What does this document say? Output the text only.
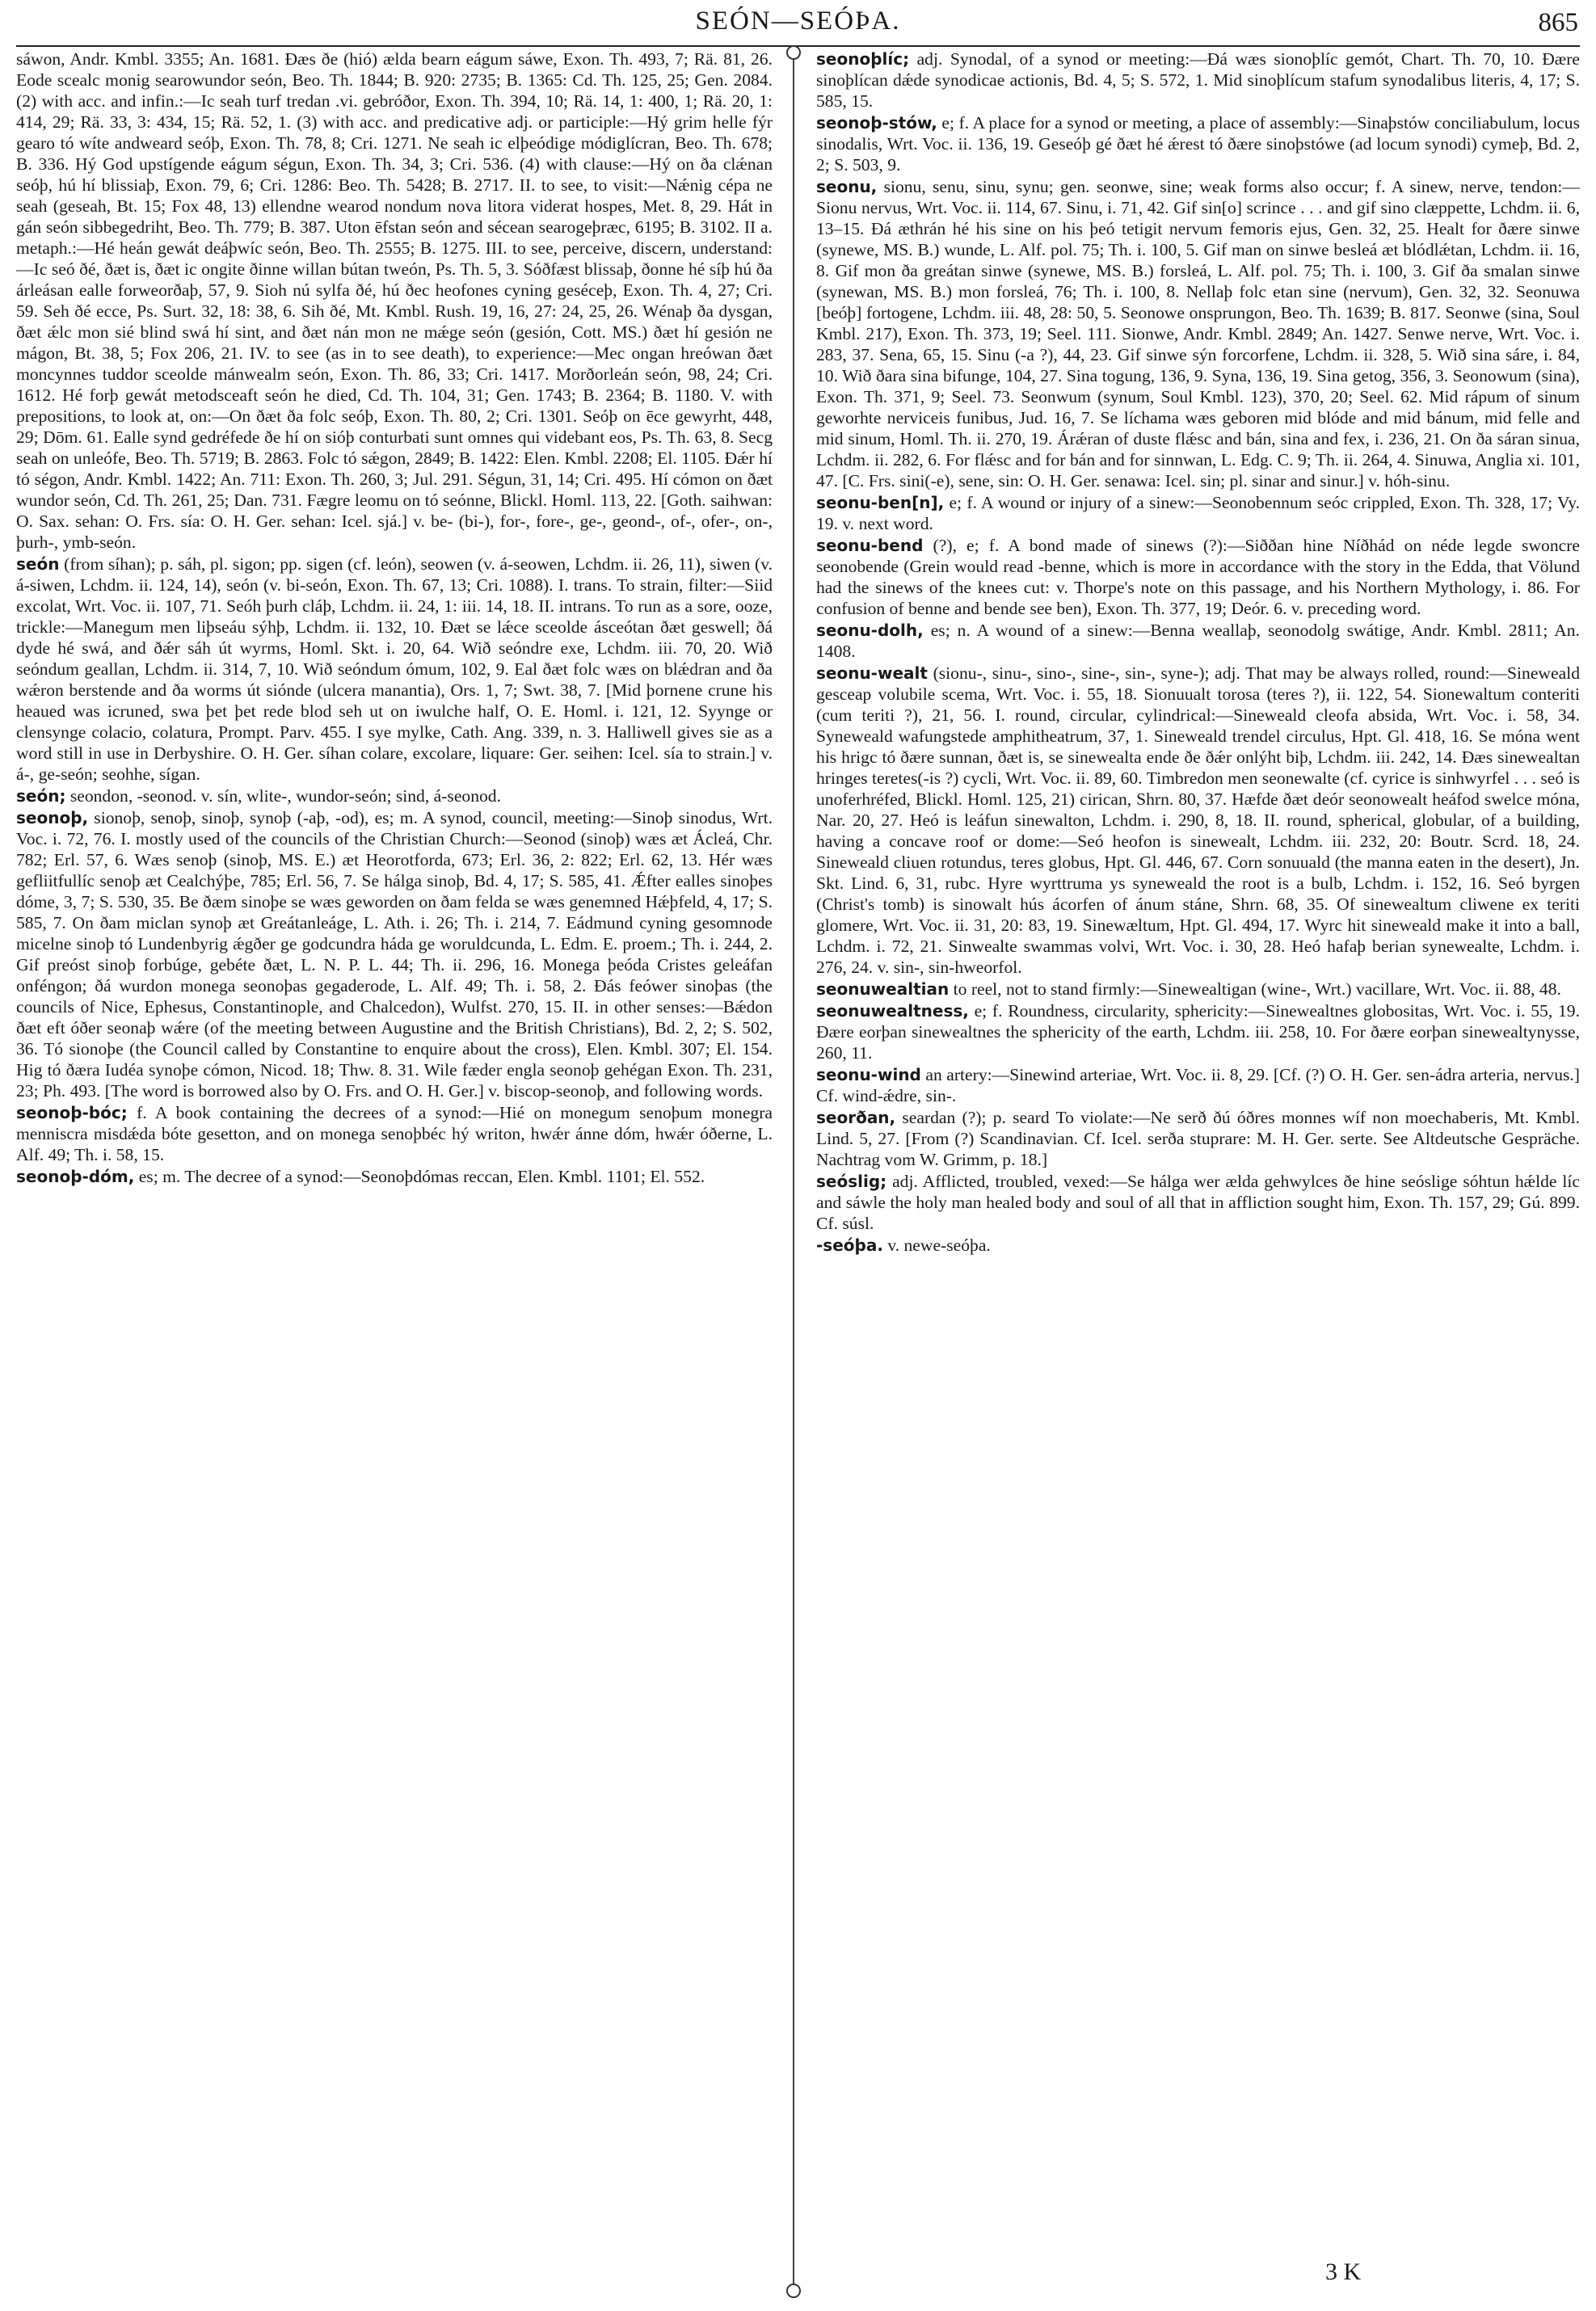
SEÓN—SEÓÞA.	865

sáwon, Andr. Kmbl. 3355; An. 1681. Ðæs ðe (hió) ælda bearn eágum sáwe, Exon. Th. 493, 7; Rä. 81, 26. Eode scealc monig searowundor seón, Beo. Th. 1844; B. 920: 2735; B. 1365: Cd. Th. 125, 25; Gen. 2084. (2) with acc. and infin.:—Ic seah turf tredan .vi. gebróðor, Exon. Th. 394, 10; Rä. 14, 1: 400, 1; Rä. 20, 1: 414, 29; Rä. 33, 3: 434, 15; Rä. 52, 1. (3) with acc. and predicative adj. or participle:—Hý grim helle fýr gearo tó wíte andweard seóþ, Exon. Th. 78, 8; Cri. 1271. Ne seah ic elþeódige módiglícran, Beo. Th. 678; B. 336. Hý God upstígende eágum ségun, Exon. Th. 34, 3; Cri. 536. (4) with clause:—Hý on ða clǽnan seóþ, hú hí blissiaþ, Exon. 79, 6; Cri. 1286: Beo. Th. 5428; B. 2717. II. to see, to visit:—Nǽnig cépa ne seah (geseah, Bt. 15; Fox 48, 13) ellendne wearod nondum nova litora viderat hospes, Met. 8, 29. Hát in gán seón sibbegedriht, Beo. Th. 779; B. 387. Uton ēfstan seón and sécean searogeþræc, 6195; B. 3102. II a. metaph.:—Hé heán gewát deáþwíc seón, Beo. Th. 2555; B. 1275. III. to see, perceive, discern, understand:—Ic seó ðé, ðæt is, ðæt ic ongite ðinne willan bútan tweón, Ps. Th. 5, 3. Sóðfæst blissaþ, ðonne hé síþ hú ða árleásan ealle forweorðaþ, 57, 9. Sioh nú sylfa ðé, hú ðec heofones cyning geséceþ, Exon. Th. 4, 27; Cri. 59. Seh ðé ecce, Ps. Surt. 32, 18: 38, 6. Sih ðé, Mt. Kmbl. Rush. 19, 16, 27: 24, 25, 26. Wénaþ ða dysgan, ðæt ǽlc mon sié blind swá hí sint, and ðæt nán mon ne mǽge seón (gesión, Cott. MS.) ðæt hí gesión ne mágon, Bt. 38, 5; Fox 206, 21. IV. to see (as in to see death), to experience:—Mec ongan hreówan ðæt moncynnes tuddor sceolde mánwealm seón, Exon. Th. 86, 33; Cri. 1417. Morðorleán seón, 98, 24; Cri. 1612. Hé forþ gewát metodsceaft seón he died, Cd. Th. 104, 31; Gen. 1743; B. 2364; B. 1180. V. with prepositions, to look at, on:—On ðæt ða folc seóþ, Exon. Th. 80, 2; Cri. 1301. Seóþ on ēce gewyrht, 448, 29; Dōm. 61. Ealle synd gedréfede ðe hí on sióþ conturbati sunt omnes qui videbant eos, Ps. Th. 63, 8. Secg seah on unleófe, Beo. Th. 5719; B. 2863. Folc tó sǽgon, 2849; B. 1422: Elen. Kmbl. 2208; El. 1105. Ðǽr hí tó ségon, Andr. Kmbl. 1422; An. 711: Exon. Th. 260, 3; Jul. 291. Ségun, 31, 14; Cri. 495. Hí cómon on ðæt wundor seón, Cd. Th. 261, 25; Dan. 731. Fægre leomu on tó seónne, Blickl. Homl. 113, 22. [Goth. saihwan: O. Sax. sehan: O. Frs. sía: O. H. Ger. sehan: Icel. sjá.] v. be- (bi-), for-, fore-, ge-, geond-, of-, ofer-, on-, þurh-, ymb-seón.

seón (from síhan); p. sáh, pl. sigon; pp. sigen (cf. león), seowen (v. á-seowen, Lchdm. ii. 26, 11), siwen (v. á-siwen, Lchdm. ii. 124, 14), seón (v. bi-seón, Exon. Th. 67, 13; Cri. 1088). I. trans. To strain, filter:—Siid excolat, Wrt. Voc. ii. 107, 71. Seóh þurh cláþ, Lchdm. ii. 24, 1: iii. 14, 18. II. intrans. To run as a sore, ooze, trickle:—Manegum men liþseáu sýhþ, Lchdm. ii. 132, 10. Ðæt se lǽce sceolde ásceótan ðæt geswell; ðá dyde hé swá, and ðǽr sáh út wyrms, Homl. Skt. i. 20, 64. Wið seóndre exe, Lchdm. iii. 70, 20. Wið seóndum geallan, Lchdm. ii. 314, 7, 10. Wið seóndum ómum, 102, 9. Eal ðæt folc wæs on blǽdran and ða wǽron berstende and ða worms út sióndе (ulcera manantia), Ors. 1, 7; Swt. 38, 7. [Mid þornene crune his heaued was icruned, swa þet þet rede blod seh ut on iwulche half, O. E. Homl. i. 121, 12. Syynge or clensynge colacio, colatura, Prompt. Parv. 455. I sye mylke, Cath. Ang. 339, n. 3. Halliwell gives sie as a word still in use in Derbyshire. O. H. Ger. síhan colare, excolare, liquare: Ger. seihen: Icel. sía to strain.] v. á-, ge-seón; seohhe, sígan.

seón; seondon, -seonod. v. sín, wlite-, wundor-seón; sind, á-seonod.

seonoþ, sionoþ, senoþ, sinoþ, synoþ (-aþ, -od), es; m. A synod, council, meeting:—Sinoþ sinodus, Wrt. Voc. i. 72, 76. I. mostly used of the councils of the Christian Church:—Seonod (sinoþ) wæs æt Ácleá, Chr. 782; Erl. 57, 6. Wæs senoþ (sinoþ, MS. E.) æt Heorotforda, 673; Erl. 36, 2: 822; Erl. 62, 13. Hér wæs gefliitfullíc senoþ æt Cealchýþe, 785; Erl. 56, 7. Se hálga sinoþ, Bd. 4, 17; S. 585, 41. Ǽfter ealles sinoþes dóme, 3, 7; S. 530, 35. Be ðæm sinoþe se wæs geworden on ðam felda se wæs genemned Hǽþfeld, 4, 17; S. 585, 7. On ðam miclan synoþ æt Greátanleáge, L. Ath. i. 26; Th. i. 214, 7. Eádmund cyning gesomnode micelne sinoþ tó Lundenbyrig ǽgðer ge godcundra háda ge woruldcunda, L. Edm. E. proem.; Th. i. 244, 2. Gif preóst sinoþ forbúge, gebéte ðæt, L. N. P. L. 44; Th. ii. 296, 16. Monega þeóda Cristes geleáfan onféngon; ðá wurdon monega seonoþas gegaderode, L. Alf. 49; Th. i. 58, 2. Ðás feówer sinoþas (the councils of Nice, Ephesus, Constantinople, and Chalcedon), Wulfst. 270, 15. II. in other senses:—Bǽdon ðæt eft óðer seonaþ wǽre (of the meeting between Augustine and the British Christians), Bd. 2, 2; S. 502, 36. Tó sionoþe (the Council called by Constantine to enquire about the cross), Elen. Kmbl. 307; El. 154. Hig tó ðæra Iudéa synoþe cómon, Nicod. 18; Thw. 8. 31. Wile fæder engla seonoþ gehégan Exon. Th. 231, 23; Ph. 493. [The word is borrowed also by O. Frs. and O. H. Ger.] v. biscop-seonoþ, and following words.

seonoþ-bóc; f. A book containing the decrees of a synod:—Hié on monegum senoþum monegra menniscra misdǽda bóte gesetton, and on monega senoþbéc hý writon, hwǽr ánne dóm, hwǽr óðerne, L. Alf. 49; Th. i. 58, 15.

seonoþ-dóm, es; m. The decree of a synod:—Seonoþdómas reccan, Elen. Kmbl. 1101; El. 552.

seonoþlíc; adj. Synodal, of a synod or meeting:—Ðá wæs sionoþlíc gemót, Chart. Th. 70, 10. Ðære sinoþlícan dǽde synodicae actionis, Bd. 4, 5; S. 572, 1. Mid sinoþlícum stafum synodalibus literis, 4, 17; S. 585, 15.

seonoþ-stów, e; f. A place for a synod or meeting, a place of assembly:—Sinaþstów conciliabulum, locus sinodalis, Wrt. Voc. ii. 136, 19. Geseóþ gé ðæt hé ǽrest tó ðære sinoþstówe (ad locum synodi) cymeþ, Bd. 2, 2; S. 503, 9.

seonu, sionu, senu, sinu, synu; gen. seonwe, sine; weak forms also occur; f. A sinew, nerve, tendon:—Sionu nervus, Wrt. Voc. ii. 114, 67. Sinu, i. 71, 42. Gif sin[o] scrince . . . and gif sino clæppette, Lchdm. ii. 6, 13–15. Ðá æthrán hé his sine on his þeó tetigit nervum femoris ejus, Gen. 32, 25. Healt for ðære sinwe (synewe, MS. B.) wunde, L. Alf. pol. 75; Th. i. 100, 5. Gif man on sinwe besleá æt blódlǽtan, Lchdm. ii. 16, 8. Gif mon ða greátan sinwe (synewe, MS. B.) forsleá, L. Alf. pol. 75; Th. i. 100, 3. Gif ða smalan sinwe (synewan, MS. B.) mon forsleá, 76; Th. i. 100, 8. Nellaþ folc etan sine (nervum), Gen. 32, 32. Seonuwa [beóþ] fortogene, Lchdm. iii. 48, 28: 50, 5. Seonowe onsprungon, Beo. Th. 1639; B. 817. Seonwe (sina, Soul Kmbl. 217), Exon. Th. 373, 19; Seel. 111. Sionwe, Andr. Kmbl. 2849; An. 1427. Senwe nerve, Wrt. Voc. i. 283, 37. Sena, 65, 15. Sinu (-a ?), 44, 23. Gif sinwe sýn forcorfene, Lchdm. ii. 328, 5. Wið sina sáre, i. 84, 10. Wið ðara sina bifunge, 104, 27. Sina togung, 136, 9. Syna, 136, 19. Sina getog, 356, 3. Seonowum (sina), Exon. Th. 371, 9; Seel. 73. Seonwum (synum, Soul Kmbl. 123), 370, 20; Seel. 62. Mid rápum of sinum geworhte nerviceis funibus, Jud. 16, 7. Se líchama wæs geboren mid blóde and mid bánum, mid felle and mid sinum, Homl. Th. ii. 270, 19. Árǽran of duste flǽsc and bán, sina and fex, i. 236, 21. On ða sáran sinua, Lchdm. ii. 282, 6. For flǽsc and for bán and for sinnwan, L. Edg. C. 9; Th. ii. 264, 4. Sinuwa, Anglia xi. 101, 47. [C. Frs. sini(-e), sene, sin: O. H. Ger. senawa: Icel. sin; pl. sinar and sinur.] v. hóh-sinu.

seonu-ben[n], e; f. A wound or injury of a sinew:—Seonobennum seóc crippled, Exon. Th. 328, 17; Vy. 19. v. next word.

seonu-bend (?), e; f. A bond made of sinews (?):—Siððan hine Níðhád on néde legde swoncre seonobende (Grein would read -benne, which is more in accordance with the story in the Edda, that Völund had the sinews of the knees cut: v. Thorpe's note on this passage, and his Northern Mythology, i. 86. For confusion of benne and bende see ben), Exon. Th. 377, 19; Deór. 6. v. preceding word.

seonu-dolh, es; n. A wound of a sinew:—Benna weallaþ, seonodolg swátige, Andr. Kmbl. 2811; An. 1408.

seonu-wealt (sionu-, sinu-, sino-, sine-, sin-, syne-); adj. That may be always rolled, round:—Sineweald gesceap volubile scema, Wrt. Voc. i. 55, 18. Sionuualt torosa (teres ?), ii. 122, 54. Sionewaltum conteriti (cum teriti ?), 21, 56. I. round, circular, cylindrical:—Sineweald cleofa absida, Wrt. Voc. i. 58, 34. Syneweald wafungstede amphitheatrum, 37, 1. Sineweald trendel circulus, Hpt. Gl. 418, 16. Se móna went his hrigc tó ðære sunnan, ðæt is, se sinewealta ende ðe ðǽr onlýht biþ, Lchdm. iii. 242, 14. Ðæs sinewealtan hringes teretes(-is ?) cycli, Wrt. Voc. ii. 89, 60. Timbredon men seonewalte (cf. cyrice is sinhwyrfel . . . seó is unoferhréfed, Blickl. Homl. 125, 21) cirican, Shrn. 80, 37. Hæfde ðæt deór seonowealt heáfod swelce móna, Nar. 20, 27. Heó is leáfun sinewalton, Lchdm. i. 290, 8, 18. II. round, spherical, globular, of a building, having a concave roof or dome:—Seó heofon is sinewealt, Lchdm. iii. 232, 20: Boutr. Scrd. 18, 24. Sineweald cliuen rotundus, teres globus, Hpt. Gl. 446, 67. Corn sonuuald (the manna eaten in the desert), Jn. Skt. Lind. 6, 31, rubc. Hyre wyrttruma ys syneweald the root is a bulb, Lchdm. i. 152, 16. Seó byrgen (Christ's tomb) is sinowalt hús ácorfen of ánum stáne, Shrn. 68, 35. Of sinewealtum cliwene ex teriti glomere, Wrt. Voc. ii. 31, 20: 83, 19. Sinewæltum, Hpt. Gl. 494, 17. Wyrc hit sineweald make it into a ball, Lchdm. i. 72, 21. Sinwealte swammas volvi, Wrt. Voc. i. 30, 28. Heó hafaþ berian synewealte, Lchdm. i. 276, 24. v. sin-, sin-hweorfol.

seonuwealtian to reel, not to stand firmly:—Sinewealtigan (wine-, Wrt.) vacillare, Wrt. Voc. ii. 88, 48.

seonuwealtness, e; f. Roundness, circularity, sphericity:—Sinewealtnes globositas, Wrt. Voc. i. 55, 19. Ðære eorþan sinewealtnes the sphericity of the earth, Lchdm. iii. 258, 10. For ðære eorþan sinewealtynysse, 260, 11.

seonu-wind an artery:—Sinewind arteriae, Wrt. Voc. ii. 8, 29. [Cf. (?) O. H. Ger. sen-ádra arteria, nervus.] Cf. wind-ǽdre, sin-.

seorðan, seardan (?); p. seard To violate:—Ne serð ðú óðres monnes wíf non moechaberis, Mt. Kmbl. Lind. 5, 27. [From (?) Scandinavian. Cf. Icel. serða stuprare: M. H. Ger. serte. See Altdeutsche Gespräche. Nachtrag vom W. Grimm, p. 18.]

seóslig; adj. Afflicted, troubled, vexed:—Se hálga wer ælda gehwylces ðe hine seóslige sóhtun hǽlde líc and sáwle the holy man healed body and soul of all that in affliction sought him, Exon. Th. 157, 29; Gú. 899. Cf. súsl.

-seóþa. v. newe-seóþa.

3 K
